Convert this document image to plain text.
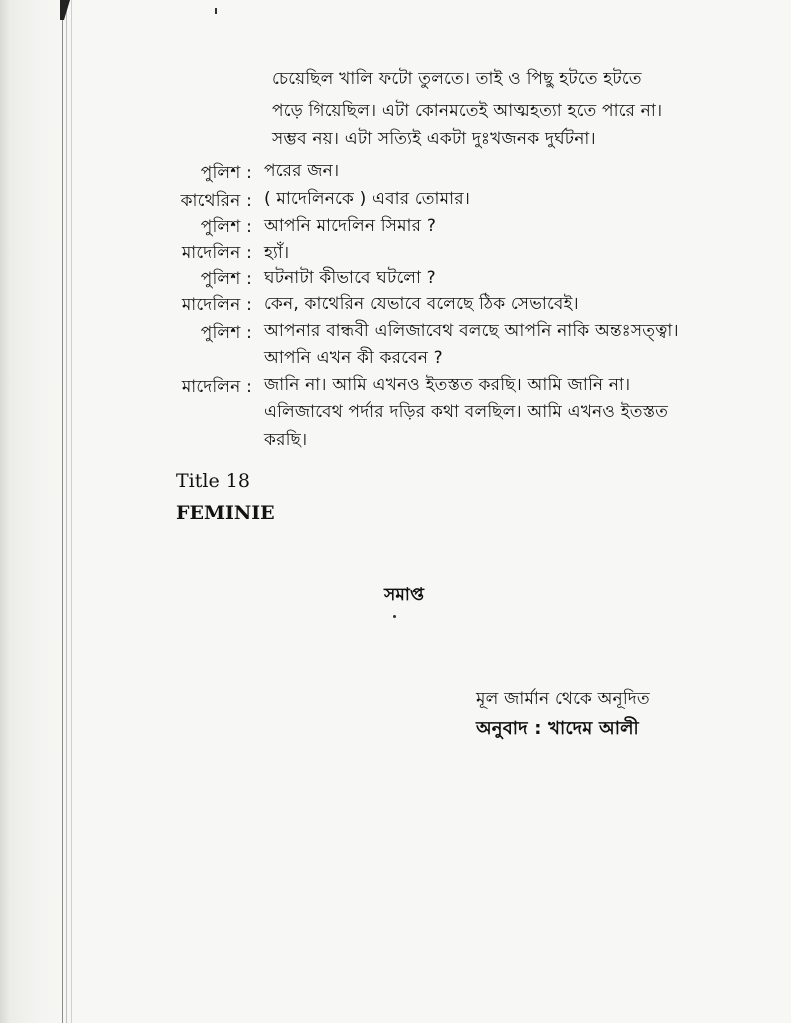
চেয়েছিল খালি ফটো তুলতে। তাই ও পিছু হটতে হটতে
পড়ে গিয়েছিল। এটা কোনমতেই আত্মহত্যা হতে পারে না।
সম্ভব নয়। এটা সত্যিই একটা দুঃখজনক দুর্ঘটনা।
পুলিশ : পরের জন।
কাথেরিন : ( মাদেলিনকে ) এবার তোমার।
পুলিশ : আপনি মাদেলিন সিমার ?
মাদেলিন : হ্যাঁ।
পুলিশ : ঘটনাটা কীভাবে ঘটলো ?
মাদেলিন : কেন, কাথেরিন যেভাবে বলেছে ঠিক সেভাবেই।
পুলিশ : আপনার বান্ধবী এলিজাবেথ বলছে আপনি নাকি অন্তঃসত্ত্বা।
আপনি এখন কী করবেন ?
মাদেলিন : জানি না। আমি এখনও ইতস্তত করছি। আমি জানি না।
এলিজাবেথ পর্দার দড়ির কথা বলছিল। আমি এখনও ইতস্তত
করছি।
Title 18
FEMINIE
সমাপ্ত
মূল জার্মান থেকে অনূদিত
অনুবাদ : খাদেম আলী
